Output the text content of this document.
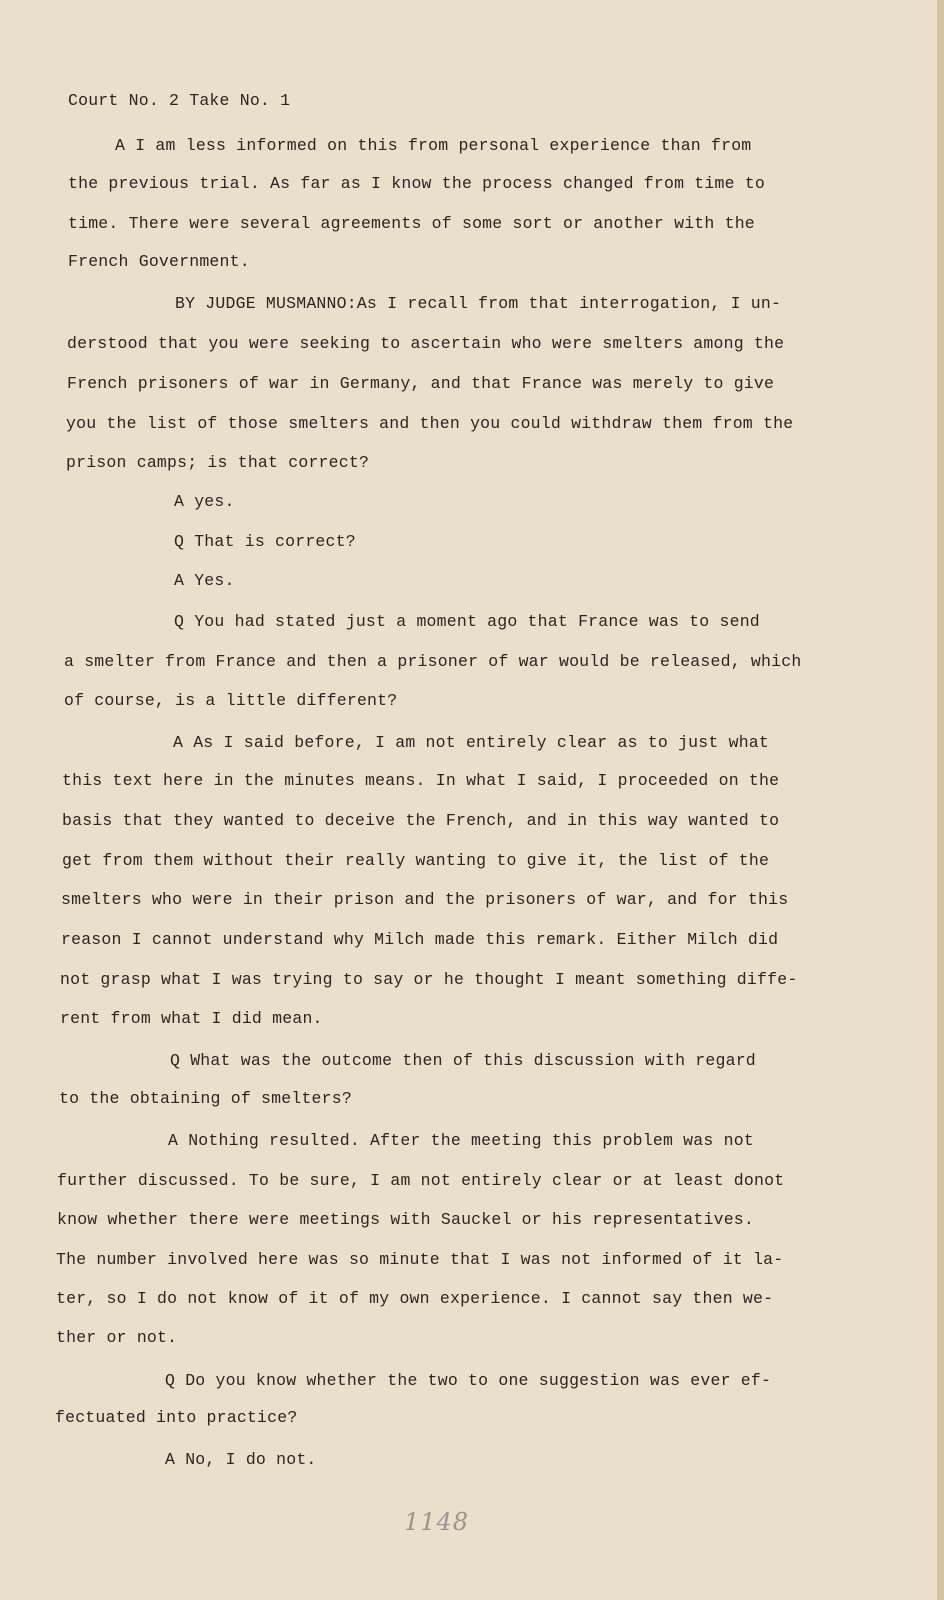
Court No. 2 Take No. 1
A I am less informed on this from personal experience than from
the previous trial. As far as I know the process changed from time to
time. There were several agreements of some sort or another with the
French Government.
BY JUDGE MUSMANNO:As I recall from that interrogation, I un-
derstood that you were seeking to ascertain who were smelters among the
French prisoners of war in Germany, and that France was merely to give
you the list of those smelters and then you could withdraw them from the
prison camps; is that correct?
A yes.
Q That is correct?
A Yes.
Q You had stated just a moment ago that France was to send
a smelter from France and then a prisoner of war would be released, which
of course, is a little different?
A As I said before, I am not entirely clear as to just what
this text here in the minutes means. In what I said, I proceeded on the
basis that they wanted to deceive the French, and in this way wanted to
get from them without their really wanting to give it, the list of the
smelters who were in their prison and the prisoners of war, and for this
reason I cannot understand why Milch made this remark. Either Milch did
not grasp what I was trying to say or he thought I meant something diffe-
rent from what I did mean.
Q What was the outcome then of this discussion with regard
to the obtaining of smelters?
A Nothing resulted. After the meeting this problem was not
further discussed. To be sure, I am not entirely clear or at least donot
know whether there were meetings with Sauckel or his representatives.
The number involved here was so minute that I was not informed of it la-
ter, so I do not know of it of my own experience. I cannot say then we-
ther or not.
Q Do you know whether the two to one suggestion was ever ef-
fectuated into practice?
A No, I do not.
1148
